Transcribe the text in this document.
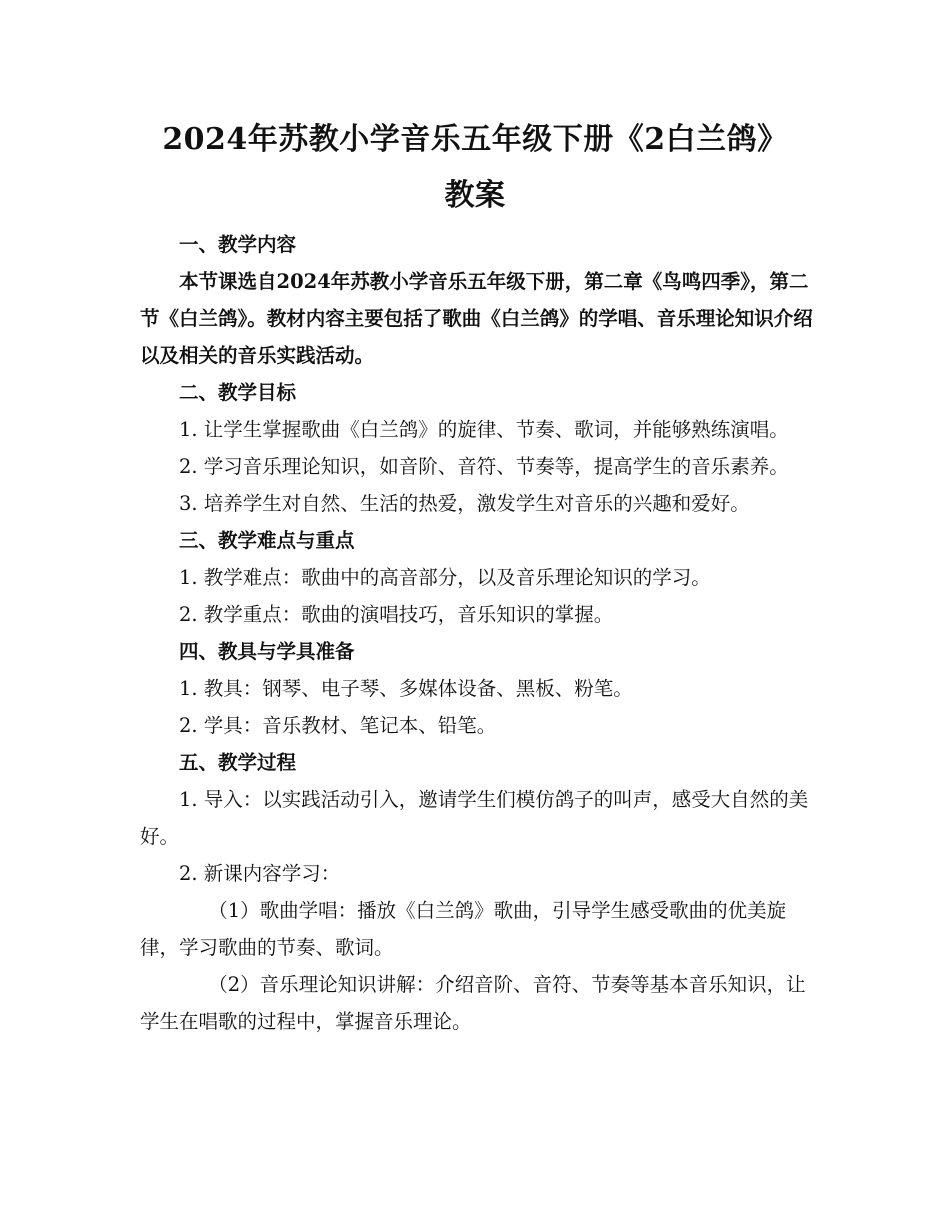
2024年苏教小学音乐五年级下册《2白兰鸽》教案

一、教学内容

本节课选自2024年苏教小学音乐五年级下册，第二章《鸟鸣四季》，第二节《白兰鸽》。教材内容主要包括了歌曲《白兰鸽》的学唱、音乐理论知识介绍以及相关的音乐实践活动。

二、教学目标

1. 让学生掌握歌曲《白兰鸽》的旋律、节奏、歌词，并能够熟练演唱。

2. 学习音乐理论知识，如音阶、音符、节奏等，提高学生的音乐素养。

3. 培养学生对自然、生活的热爱，激发学生对音乐的兴趣和爱好。

三、教学难点与重点

1. 教学难点：歌曲中的高音部分，以及音乐理论知识的学习。

2. 教学重点：歌曲的演唱技巧，音乐知识的掌握。

四、教具与学具准备

1. 教具：钢琴、电子琴、多媒体设备、黑板、粉笔。

2. 学具：音乐教材、笔记本、铅笔。

五、教学过程

1. 导入：以实践活动引入，邀请学生们模仿鸽子的叫声，感受大自然的美好。

2. 新课内容学习：

（1）歌曲学唱：播放《白兰鸽》歌曲，引导学生感受歌曲的优美旋律，学习歌曲的节奏、歌词。

（2）音乐理论知识讲解：介绍音阶、音符、节奏等基本音乐知识，让学生在唱歌的过程中，掌握音乐理论。
